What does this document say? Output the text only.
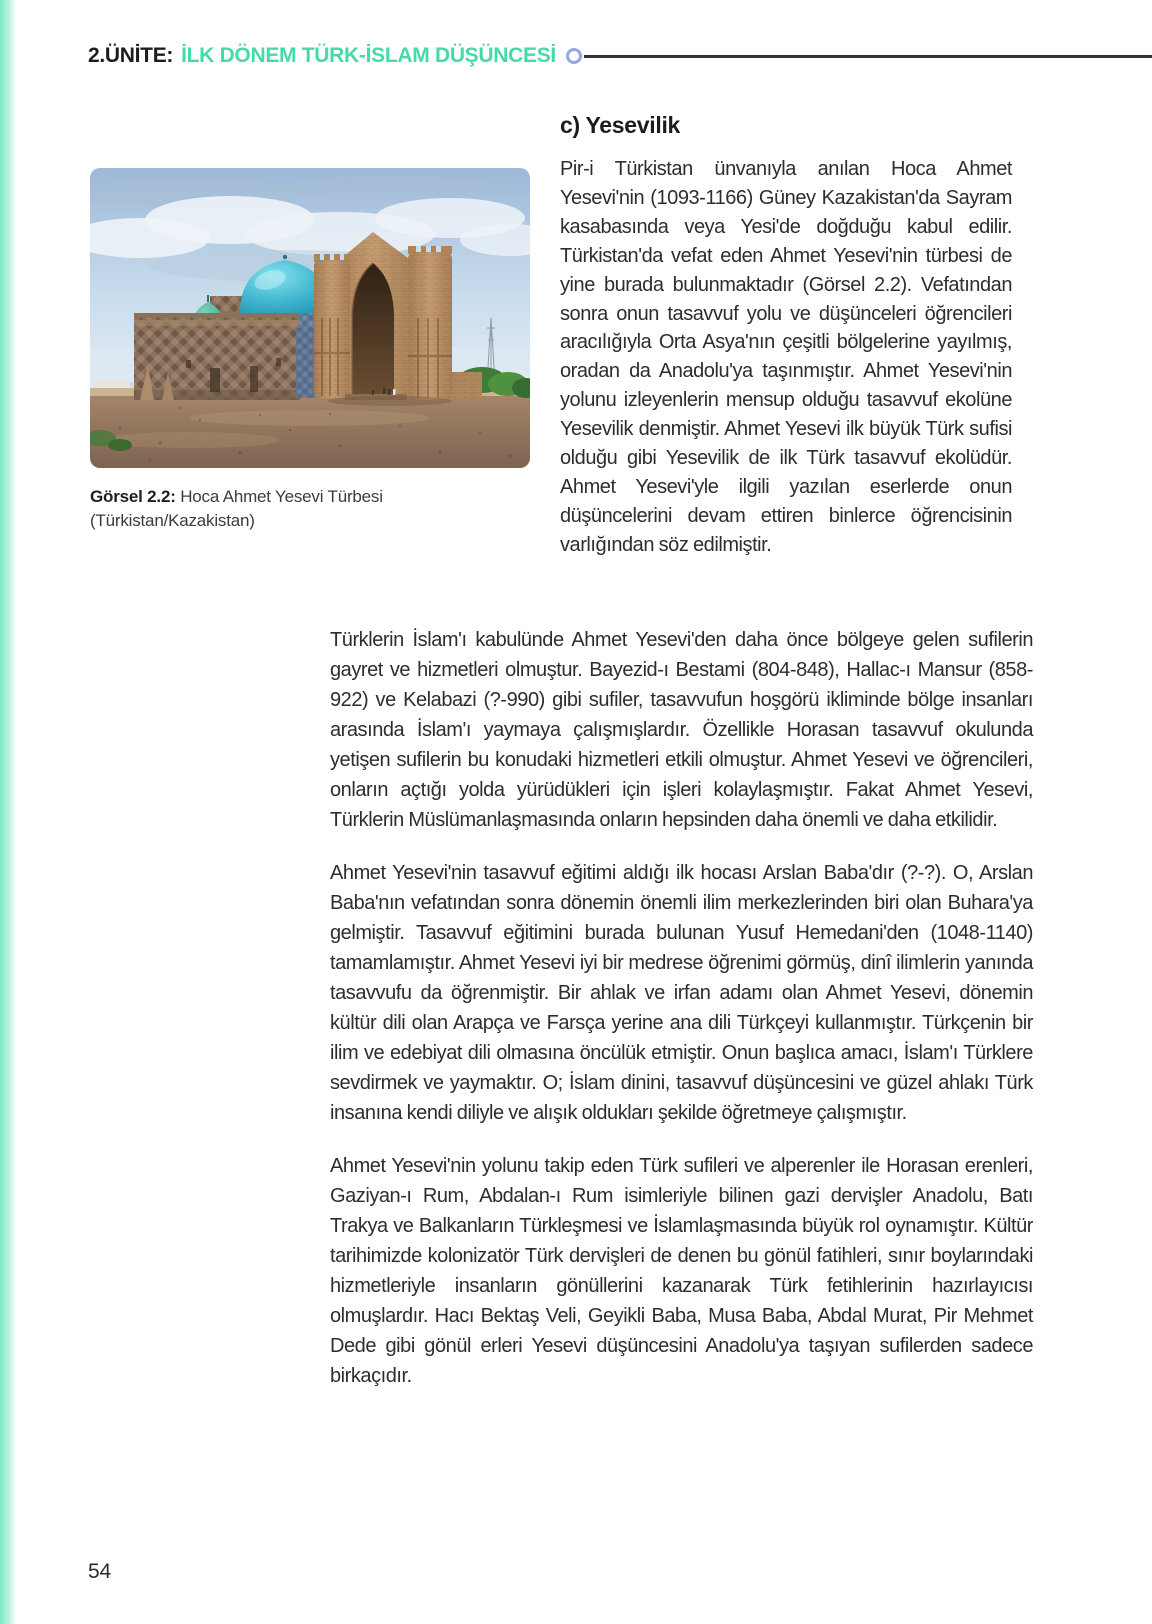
2.ÜNİTE: İLK DÖNEM TÜRK-İSLAM DÜŞÜNCESİ
Görsel 2.2: Hoca Ahmet Yesevi Türbesi (Türkistan/Kazakistan)
c) Yesevilik

Pir-i Türkistan ünvanıyla anılan Hoca Ahmet Yesevi'nin (1093-1166) Güney Kazakistan'da Sayram kasabasında veya Yesi'de doğduğu kabul edilir. Türkistan'da vefat eden Ahmet Yesevi'nin türbesi de yine burada bulunmaktadır (Görsel 2.2). Vefatından sonra onun tasavvuf yolu ve düşünceleri öğrencileri aracılığıyla Orta Asya'nın çeşitli bölgelerine yayılmış, oradan da Anadolu'ya taşınmıştır. Ahmet Yesevi'nin yolunu izleyenlerin mensup olduğu tasavvuf ekolüne Yesevilik denmiştir. Ahmet Yesevi ilk büyük Türk sufisi olduğu gibi Yesevilik de ilk Türk tasavvuf ekolüdür. Ahmet Yesevi'yle ilgili yazılan eserlerde onun düşüncelerini devam ettiren binlerce öğrencisinin varlığından söz edilmiştir.

Türklerin İslam'ı kabulünde Ahmet Yesevi'den daha önce bölgeye gelen sufilerin gayret ve hizmetleri olmuştur. Bayezid-ı Bestami (804-848), Hallac-ı Mansur (858-922) ve Kelabazi (?-990) gibi sufiler, tasavvufun hoşgörü ikliminde bölge insanları arasında İslam'ı yaymaya çalışmışlardır. Özellikle Horasan tasavvuf okulunda yetişen sufilerin bu konudaki hizmetleri etkili olmuştur. Ahmet Yesevi ve öğrencileri, onların açtığı yolda yürüdükleri için işleri kolaylaşmıştır. Fakat Ahmet Yesevi, Türklerin Müslümanlaşmasında onların hepsinden daha önemli ve daha etkilidir.

Ahmet Yesevi'nin tasavvuf eğitimi aldığı ilk hocası Arslan Baba'dır (?-?). O, Arslan Baba'nın vefatından sonra dönemin önemli ilim merkezlerinden biri olan Buhara'ya gelmiştir. Tasavvuf eğitimini burada bulunan Yusuf Hemedani'den (1048-1140) tamamlamıştır. Ahmet Yesevi iyi bir medrese öğrenimi görmüş, dinî ilimlerin yanında tasavvufu da öğrenmiştir. Bir ahlak ve irfan adamı olan Ahmet Yesevi, dönemin kültür dili olan Arapça ve Farsça yerine ana dili Türkçeyi kullanmıştır. Türkçenin bir ilim ve edebiyat dili olmasına öncülük etmiştir. Onun başlıca amacı, İslam'ı Türklere sevdirmek ve yaymaktır. O; İslam dinini, tasavvuf düşüncesini ve güzel ahlakı Türk insanına kendi diliyle ve alışık oldukları şekilde öğretmeye çalışmıştır.

Ahmet Yesevi'nin yolunu takip eden Türk sufileri ve alperenler ile Horasan erenleri, Gaziyan-ı Rum, Abdalan-ı Rum isimleriyle bilinen gazi dervişler Anadolu, Batı Trakya ve Balkanların Türkleşmesi ve İslamlaşmasında büyük rol oynamıştır. Kültür tarihimizde kolonizatör Türk dervişleri de denen bu gönül fatihleri, sınır boylarındaki hizmetleriyle insanların gönüllerini kazanarak Türk fetihlerinin hazırlayıcısı olmuşlardır. Hacı Bektaş Veli, Geyikli Baba, Musa Baba, Abdal Murat, Pir Mehmet Dede gibi gönül erleri Yesevi düşüncesini Anadolu'ya taşıyan sufilerden sadece birkaçıdır.

54
